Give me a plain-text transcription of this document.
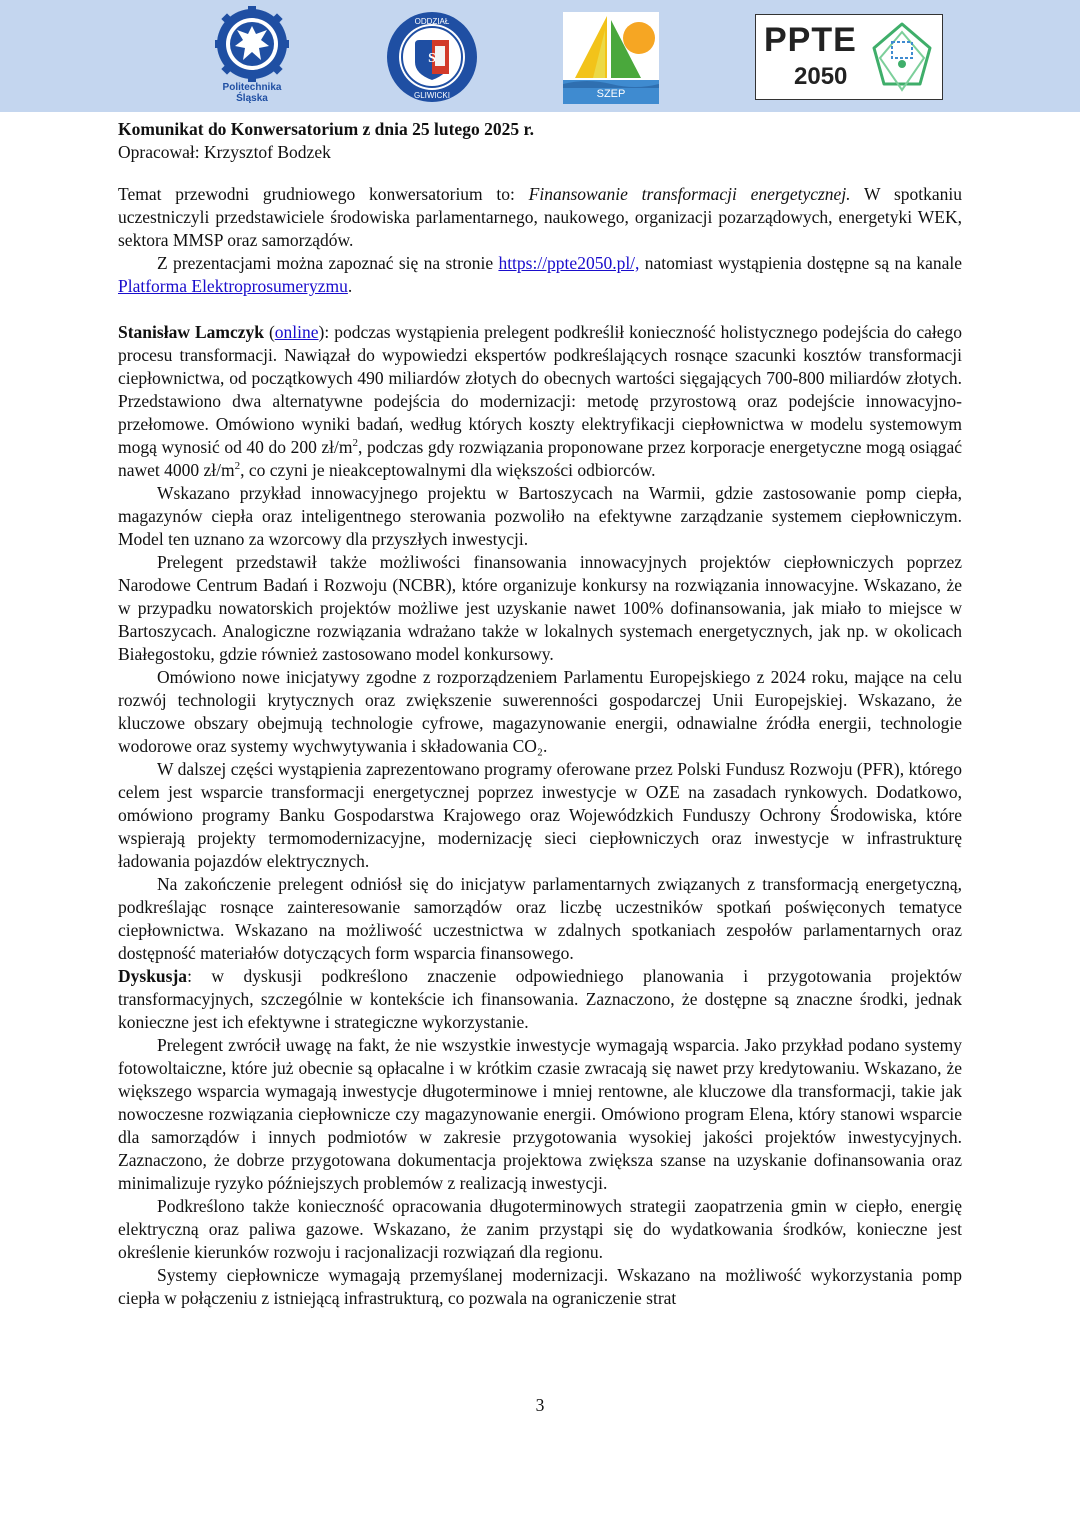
Politechnika
Śląska
S
ODDZIAŁ
GLIWICKI	SZEP
PPTE
2050
Komunikat do Konwersatorium z dnia 25 lutego 2025 r.
Opracował: Krzysztof Bodzek

Temat przewodni grudniowego konwersatorium to: Finansowanie transformacji energetycznej. W spotkaniu uczestniczyli przedstawiciele środowiska parlamentarnego, naukowego, organizacji pozarządowych, energetyki WEK, sektora MMSP oraz samorządów.

Z prezentacjami można zapoznać się na stronie https://ppte2050.pl/, natomiast wystąpienia dostępne są na kanale Platforma Elektroprosumeryzmu.

Stanisław Lamczyk (online): podczas wystąpienia prelegent podkreślił konieczność holistycznego podejścia do całego procesu transformacji. Nawiązał do wypowiedzi ekspertów podkreślających rosnące szacunki kosztów transformacji ciepłownictwa, od początkowych 490 miliardów złotych do obecnych wartości sięgających 700-800 miliardów złotych. Przedstawiono dwa alternatywne podejścia do modernizacji: metodę przyrostową oraz podejście innowacyjno-przełomowe. Omówiono wyniki badań, według których koszty elektryfikacji ciepłownictwa w modelu systemowym mogą wynosić od 40 do 200 $zł/m^2$, podczas gdy rozwiązania proponowane przez korporacje energetyczne mogą osiągać nawet 4000 $zł/m^2$, co czyni je nieakceptowalnymi dla większości odbiorców.

Wskazano przykład innowacyjnego projektu w Bartoszycach na Warmii, gdzie zastosowanie pomp ciepła, magazynów ciepła oraz inteligentnego sterowania pozwoliło na efektywne zarządzanie systemem ciepłowniczym. Model ten uznano za wzorcowy dla przyszłych inwestycji.

Prelegent przedstawił także możliwości finansowania innowacyjnych projektów ciepłowniczych poprzez Narodowe Centrum Badań i Rozwoju (NCBR), które organizuje konkursy na rozwiązania innowacyjne. Wskazano, że w przypadku nowatorskich projektów możliwe jest uzyskanie nawet 100% dofinansowania, jak miało to miejsce w Bartoszycach. Analogiczne rozwiązania wdrażano także w lokalnych systemach energetycznych, jak np. w okolicach Białegostoku, gdzie również zastosowano model konkursowy.

Omówiono nowe inicjatywy zgodne z rozporządzeniem Parlamentu Europejskiego z 2024 roku, mające na celu rozwój technologii krytycznych oraz zwiększenie suwerenności gospodarczej Unii Europejskiej. Wskazano, że kluczowe obszary obejmują technologie cyfrowe, magazynowanie energii, odnawialne źródła energii, technologie wodorowe oraz systemy wychwytywania i składowania CO₂.

W dalszej części wystąpienia zaprezentowano programy oferowane przez Polski Fundusz Rozwoju (PFR), którego celem jest wsparcie transformacji energetycznej poprzez inwestycje w OZE na zasadach rynkowych. Dodatkowo, omówiono programy Banku Gospodarstwa Krajowego oraz Wojewódzkich Funduszy Ochrony Środowiska, które wspierają projekty termomodernizacyjne, modernizację sieci ciepłowniczych oraz inwestycje w infrastrukturę ładowania pojazdów elektrycznych.

Na zakończenie prelegent odniósł się do inicjatyw parlamentarnych związanych z transformacją energetyczną, podkreślając rosnące zainteresowanie samorządów oraz liczbę uczestników spotkań poświęconych tematyce ciepłownictwa. Wskazano na możliwość uczestnictwa w zdalnych spotkaniach zespołów parlamentarnych oraz dostępność materiałów dotyczących form wsparcia finansowego.

Dyskusja: w dyskusji podkreślono znaczenie odpowiedniego planowania i przygotowania projektów transformacyjnych, szczególnie w kontekście ich finansowania. Zaznaczono, że dostępne są znaczne środki, jednak konieczne jest ich efektywne i strategiczne wykorzystanie.

Prelegent zwrócił uwagę na fakt, że nie wszystkie inwestycje wymagają wsparcia. Jako przykład podano systemy fotowoltaiczne, które już obecnie są opłacalne i w krótkim czasie zwracają się nawet przy kredytowaniu. Wskazano, że większego wsparcia wymagają inwestycje długoterminowe i mniej rentowne, ale kluczowe dla transformacji, takie jak nowoczesne rozwiązania ciepłownicze czy magazynowanie energii. Omówiono program Elena, który stanowi wsparcie dla samorządów i innych podmiotów w zakresie przygotowania wysokiej jakości projektów inwestycyjnych. Zaznaczono, że dobrze przygotowana dokumentacja projektowa zwiększa szanse na uzyskanie dofinansowania oraz minimalizuje ryzyko późniejszych problemów z realizacją inwestycji.

Podkreślono także konieczność opracowania długoterminowych strategii zaopatrzenia gmin w ciepło, energię elektryczną oraz paliwa gazowe. Wskazano, że zanim przystąpi się do wydatkowania środków, konieczne jest określenie kierunków rozwoju i racjonalizacji rozwiązań dla regionu.

Systemy ciepłownicze wymagają przemyślanej modernizacji. Wskazano na możliwość wykorzystania pomp ciepła w połączeniu z istniejącą infrastrukturą, co pozwala na ograniczenie strat

3
